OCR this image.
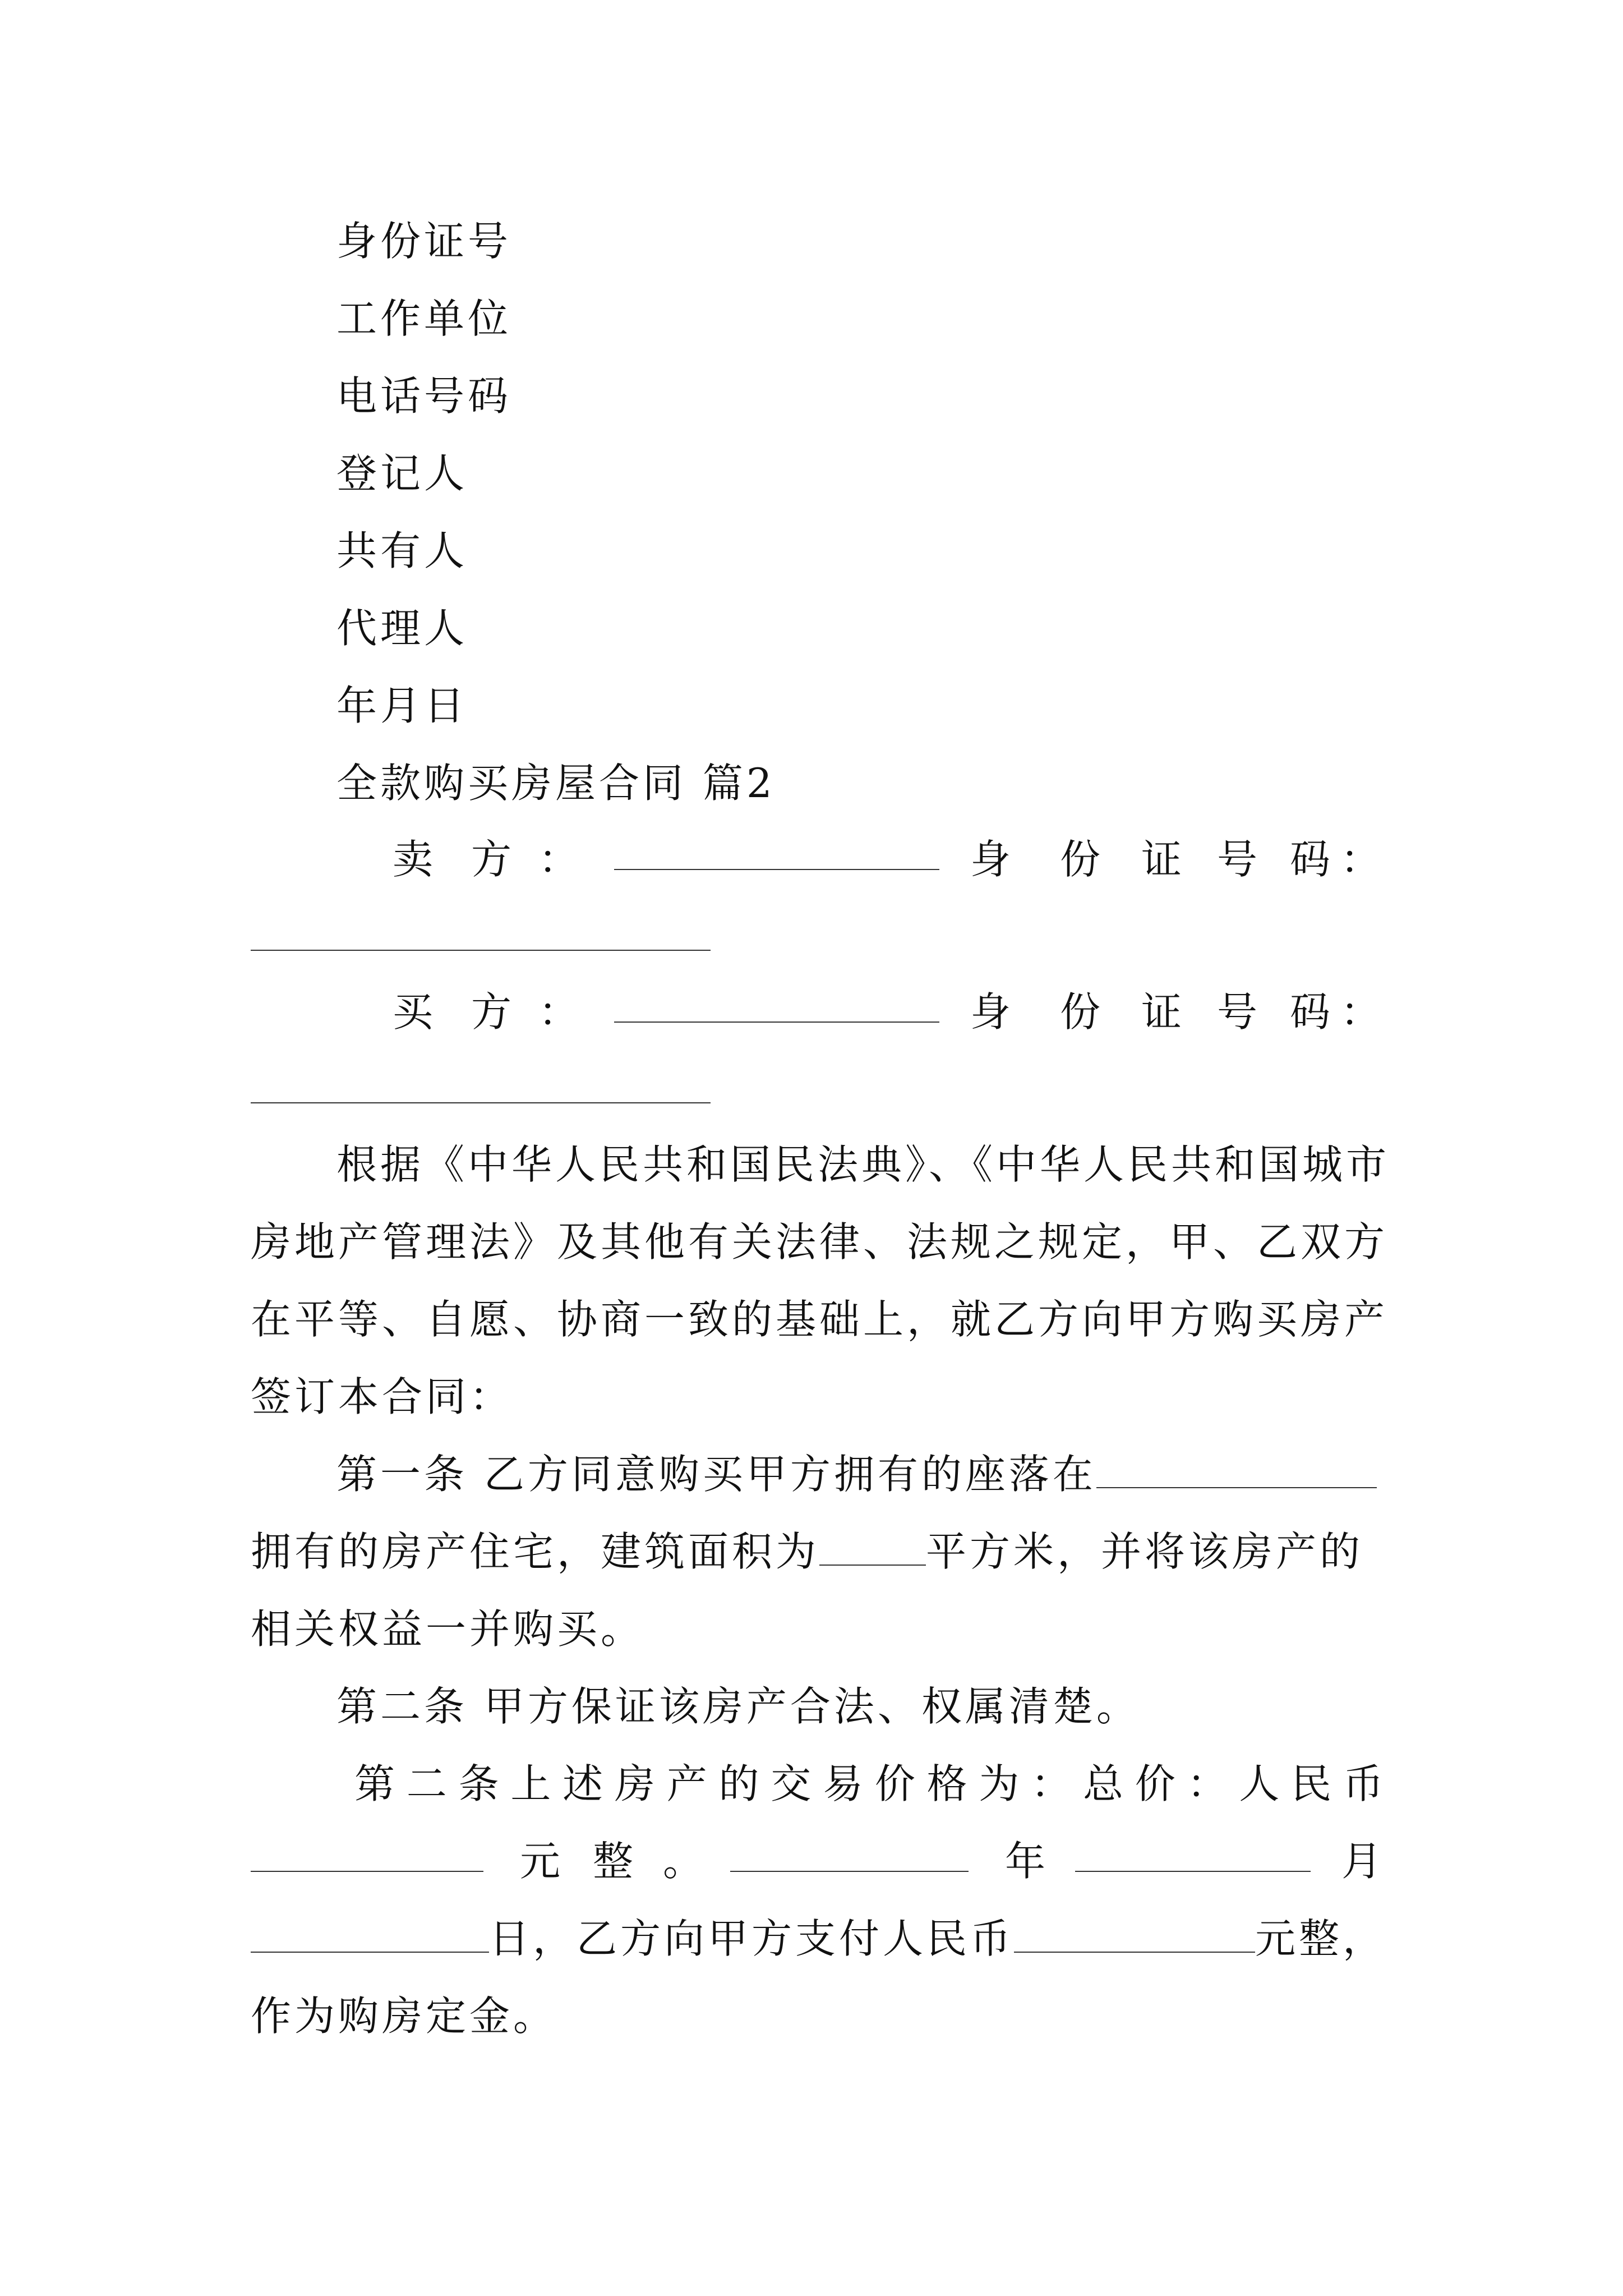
身份证号
工作单位
电话号码
登记人
共有人
代理人
年月日
全款购买房屋合同 篇2
卖 方 ：	身 份 证 号 码 ：
买 方 ：	身 份 证 号 码 ：
根据《中华人民共和国民法典》、《中华人民共和国城市
房地产管理法》及其他有关法律、法规之规定，甲、乙双方
在平等、自愿、协商一致的基础上，就乙方向甲方购买房产
签订本合同：
第一条 乙方同意购买甲方拥有的座落在
拥有的房产住宅，建筑面积为	平方米，并将该房产的
相关权益一并购买。
第二条 甲方保证该房产合法、权属清楚。
第 二 条 上 述 房 产 的 交 易 价 格 为 ： 总 价 ： 人 民 币
元 整 。	年	月
日，乙方向甲方支付人民币	元整，
作为购房定金。
